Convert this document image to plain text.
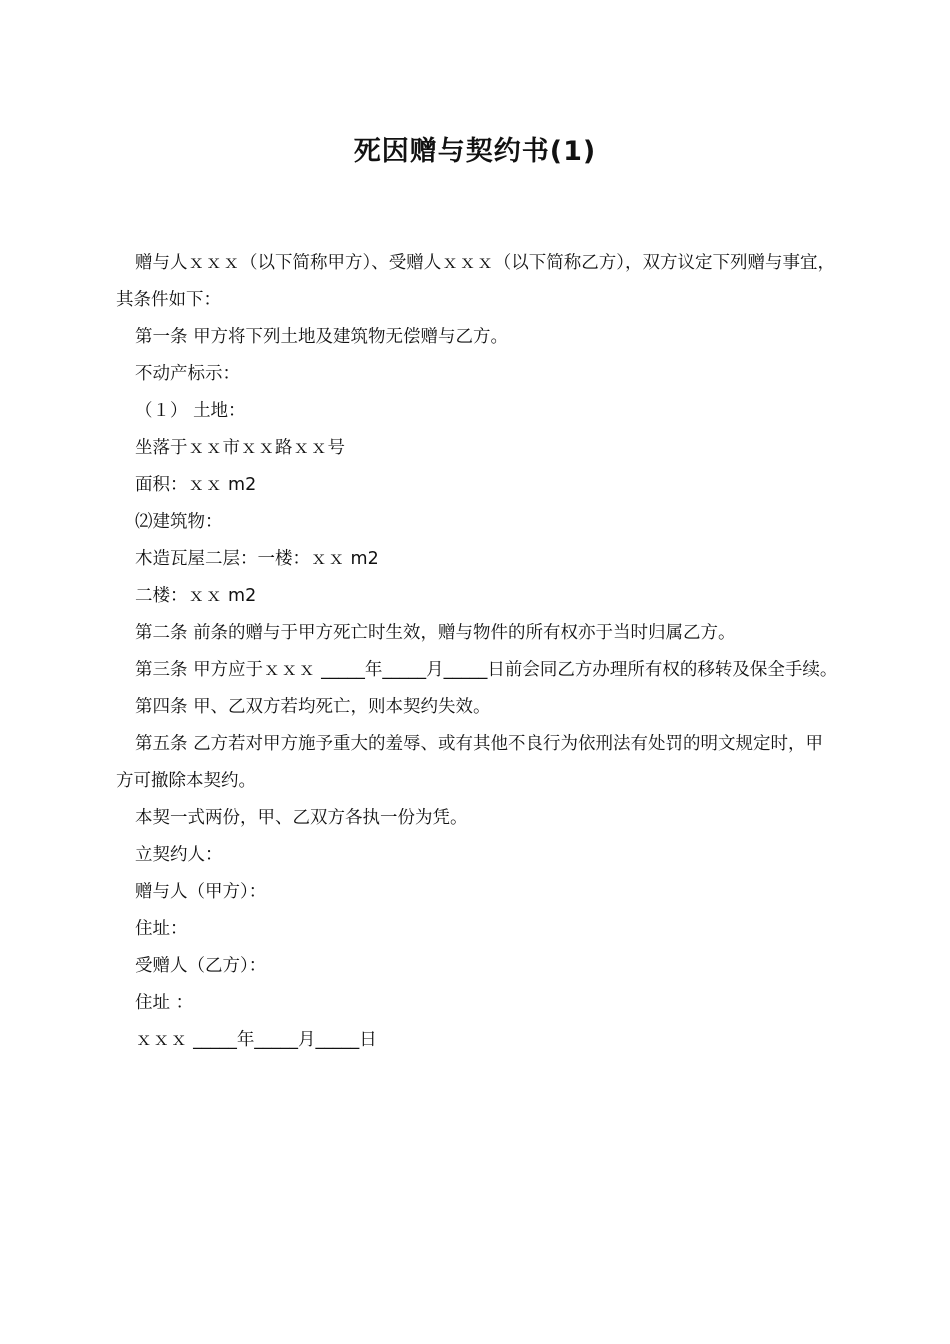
死因赠与契约书(1)

赠与人ｘｘｘ（以下简称甲方）、受赠人ｘｘｘ（以下简称乙方），双方议定下列赠与事宜，其条件如下：

第一条 甲方将下列土地及建筑物无偿赠与乙方。

不动产标示：

（１） 土地：

坐落于ｘｘ市ｘｘ路ｘｘ号

面积：ｘｘ m2

⑵建筑物：

木造瓦屋二层：一楼：ｘｘ m2

二楼：ｘｘ m2

第二条 前条的赠与于甲方死亡时生效，赠与物件的所有权亦于当时归属乙方。

第三条 甲方应于ｘｘｘ _____年_____月_____日前会同乙方办理所有权的移转及保全手续。

第四条 甲、乙双方若均死亡，则本契约失效。

第五条 乙方若对甲方施予重大的羞辱、或有其他不良行为依刑法有处罚的明文规定时，甲方可撤除本契约。

本契一式两份，甲、乙双方各执一份为凭。

立契约人：

赠与人（甲方）：

住址：

受赠人（乙方）：

住址 ：

ｘｘｘ _____年_____月_____日
